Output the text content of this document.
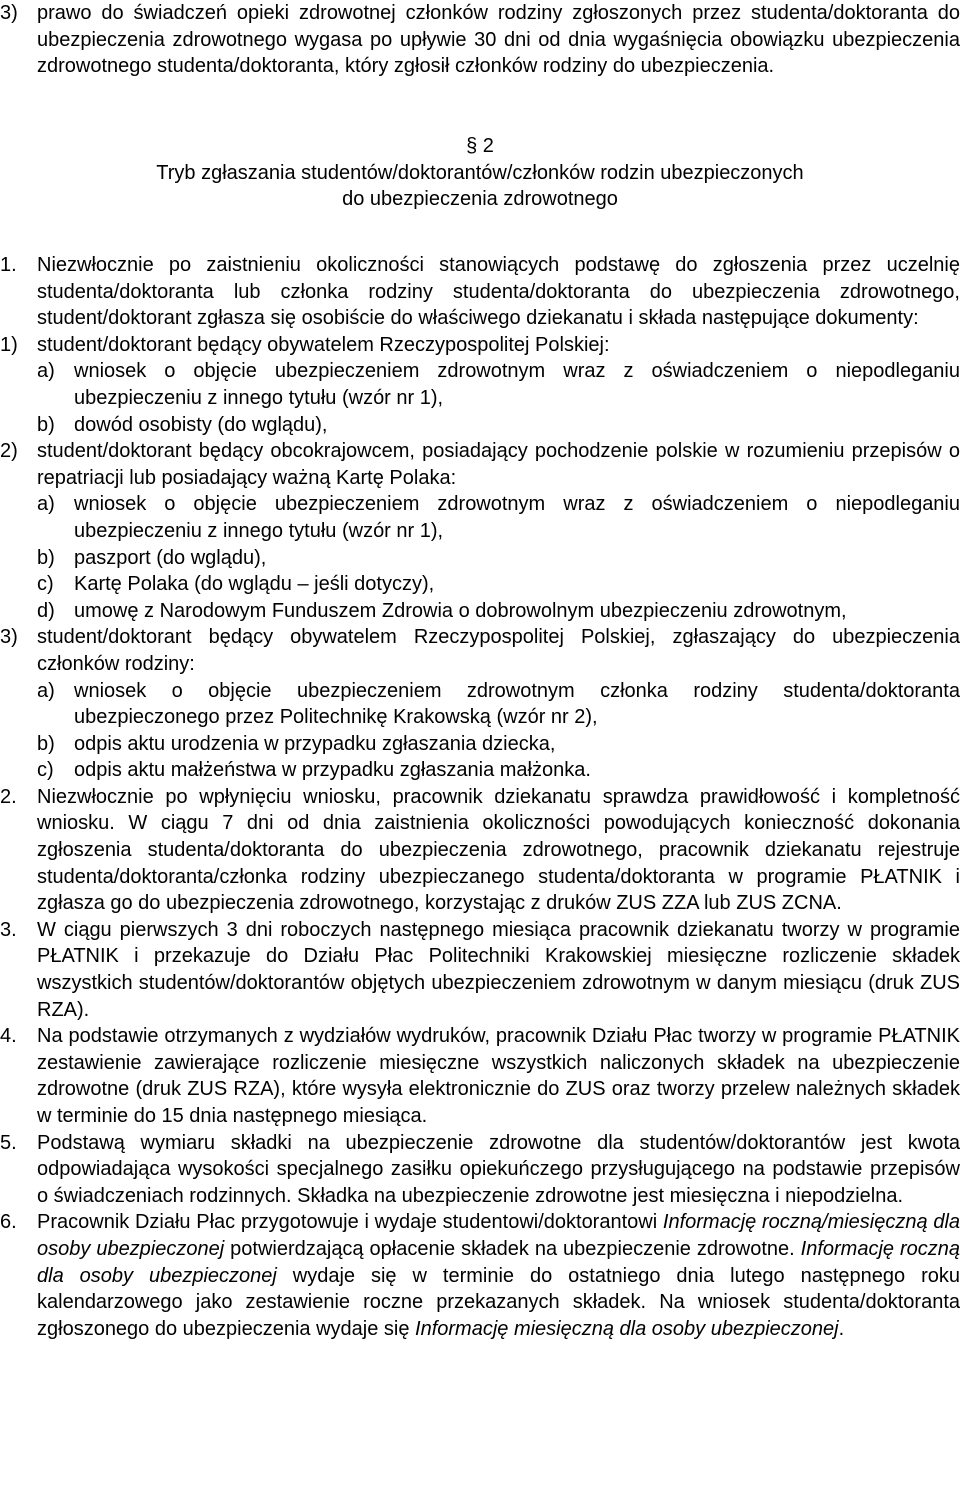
3) prawo do świadczeń opieki zdrowotnej członków rodziny zgłoszonych przez studenta/doktoranta do ubezpieczenia zdrowotnego wygasa po upływie 30 dni od dnia wygaśnięcia obowiązku ubezpieczenia zdrowotnego studenta/doktoranta, który zgłosił członków rodziny do ubezpieczenia.
§ 2
Tryb zgłaszania studentów/doktorantów/członków rodzin ubezpieczonych
do ubezpieczenia zdrowotnego
1.	Niezwłocznie po zaistnieniu okoliczności stanowiących podstawę do zgłoszenia przez uczelnię studenta/doktoranta lub członka rodziny studenta/doktoranta do ubezpieczenia zdrowotnego, student/doktorant zgłasza się osobiście do właściwego dziekanatu i składa następujące dokumenty:
1) student/doktorant będący obywatelem Rzeczypospolitej Polskiej:
a) wniosek o objęcie ubezpieczeniem zdrowotnym wraz z oświadczeniem o niepodleganiu ubezpieczeniu z innego tytułu (wzór nr 1),
b) dowód osobisty (do wglądu),
2) student/doktorant będący obcokrajowcem, posiadający pochodzenie polskie w rozumieniu przepisów o repatriacji lub posiadający ważną Kartę Polaka:
a) wniosek o objęcie ubezpieczeniem zdrowotnym wraz z oświadczeniem o niepodleganiu ubezpieczeniu z innego tytułu (wzór nr 1),
b) paszport (do wglądu),
c)	Kartę Polaka (do wglądu – jeśli dotyczy),
d) umowę z Narodowym Funduszem Zdrowia o dobrowolnym ubezpieczeniu zdrowotnym,
3) student/doktorant będący obywatelem Rzeczypospolitej Polskiej, zgłaszający do ubezpieczenia członków rodziny:
a) wniosek o objęcie ubezpieczeniem zdrowotnym członka rodziny studenta/doktoranta ubezpieczonego przez Politechnikę Krakowską (wzór nr 2),
b) odpis aktu urodzenia w przypadku zgłaszania dziecka,
c)	odpis aktu małżeństwa w przypadku zgłaszania małżonka.
2.	Niezwłocznie po wpłynięciu wniosku, pracownik dziekanatu sprawdza prawidłowość i kompletność wniosku. W ciągu 7 dni od dnia zaistnienia okoliczności powodujących konieczność dokonania zgłoszenia studenta/doktoranta do ubezpieczenia zdrowotnego, pracownik dziekanatu rejestruje studenta/doktoranta/członka rodziny ubezpieczanego studenta/doktoranta w programie PŁATNIK i zgłasza go do ubezpieczenia zdrowotnego, korzystając z druków ZUS ZZA lub ZUS ZCNA.
3.	W ciągu pierwszych 3 dni roboczych następnego miesiąca pracownik dziekanatu tworzy w programie PŁATNIK i przekazuje do Działu Płac Politechniki Krakowskiej miesięczne rozliczenie składek wszystkich studentów/doktorantów objętych ubezpieczeniem zdrowotnym w danym miesiącu (druk ZUS RZA).
4.	Na podstawie otrzymanych z wydziałów wydruków, pracownik Działu Płac tworzy w programie PŁATNIK zestawienie zawierające rozliczenie miesięczne wszystkich naliczonych składek na ubezpieczenie zdrowotne (druk ZUS RZA), które wysyła elektronicznie do ZUS oraz tworzy przelew należnych składek w terminie do 15 dnia następnego miesiąca.
5.	Podstawą wymiaru składki na ubezpieczenie zdrowotne dla studentów/doktorantów jest kwota odpowiadająca wysokości specjalnego zasiłku opiekuńczego przysługującego na podstawie przepisów o świadczeniach rodzinnych. Składka na ubezpieczenie zdrowotne jest miesięczna i niepodzielna.
6.	Pracownik Działu Płac przygotowuje i wydaje studentowi/doktorantowi Informację roczną/miesięczną dla osoby ubezpieczonej potwierdzającą opłacenie składek na ubezpieczenie zdrowotne. Informację roczną dla osoby ubezpieczonej wydaje się w terminie do ostatniego dnia lutego następnego roku kalendarzowego jako zestawienie roczne przekazanych składek. Na wniosek studenta/doktoranta zgłoszonego do ubezpieczenia wydaje się Informację miesięczną dla osoby ubezpieczonej.
